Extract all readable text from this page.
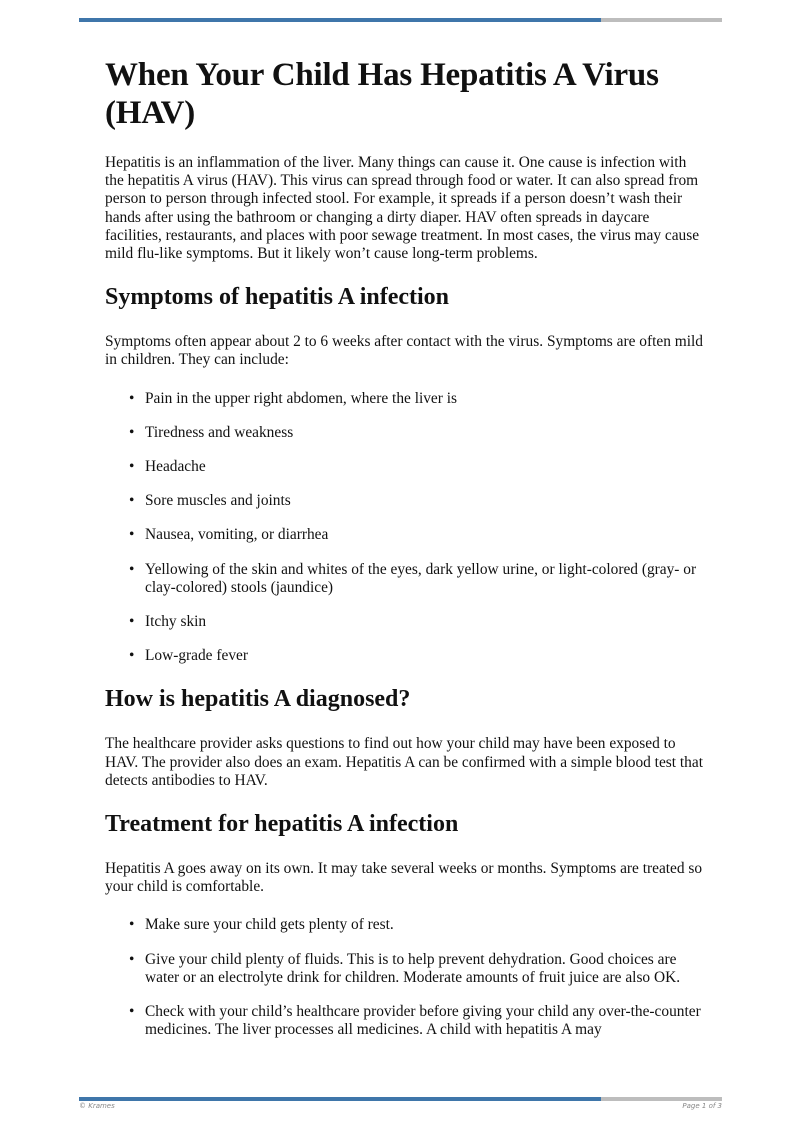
When Your Child Has Hepatitis A Virus (HAV)

Hepatitis is an inflammation of the liver. Many things can cause it. One cause is infection with the hepatitis A virus (HAV). This virus can spread through food or water. It can also spread from person to person through infected stool. For example, it spreads if a person doesn’t wash their hands after using the bathroom or changing a dirty diaper. HAV often spreads in daycare facilities, restaurants, and places with poor sewage treatment. In most cases, the virus may cause mild flu-like symptoms. But it likely won’t cause long-term problems.

Symptoms of hepatitis A infection

Symptoms often appear about 2 to 6 weeks after contact with the virus. Symptoms are often mild in children. They can include:

• Pain in the upper right abdomen, where the liver is
• Tiredness and weakness
• Headache
• Sore muscles and joints
• Nausea, vomiting, or diarrhea
• Yellowing of the skin and whites of the eyes, dark yellow urine, or light-colored (gray- or clay-colored) stools (jaundice)
• Itchy skin
• Low-grade fever
How is hepatitis A diagnosed?

The healthcare provider asks questions to find out how your child may have been exposed to HAV. The provider also does an exam. Hepatitis A can be confirmed with a simple blood test that detects antibodies to HAV.

Treatment for hepatitis A infection

Hepatitis A goes away on its own. It may take several weeks or months. Symptoms are treated so your child is comfortable.

• Make sure your child gets plenty of rest.
• Give your child plenty of fluids. This is to help prevent dehydration. Good choices are water or an electrolyte drink for children. Moderate amounts of fruit juice are also OK.
• Check with your child’s healthcare provider before giving your child any over-the-counter medicines. The liver processes all medicines. A child with hepatitis A may
© Krames	Page 1 of 3
